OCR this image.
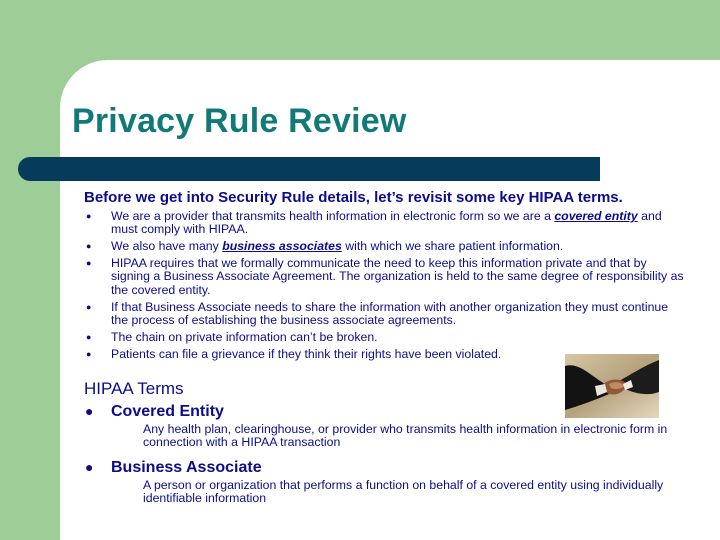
Privacy Rule Review

Before we get into Security Rule details, let’s revisit some key HIPAA terms.

● We are a provider that transmits health information in electronic form so we are a covered entity and must comply with HIPAA.
● We also have many business associates with which we share patient information.
● HIPAA requires that we formally communicate the need to keep this information private and that by signing a Business Associate Agreement. The organization is held to the same degree of responsibility as the covered entity.
● If that Business Associate needs to share the information with another organization they must continue the process of establishing the business associate agreements.
● The chain on private information can’t be broken.
● Patients can file a grievance if they think their rights have been violated.
HIPAA Terms

● Covered Entity

Any health plan, clearinghouse, or provider who transmits health information in electronic form in connection with a HIPAA transaction

● Business Associate

A person or organization that performs a function on behalf of a covered entity using individually identifiable information
